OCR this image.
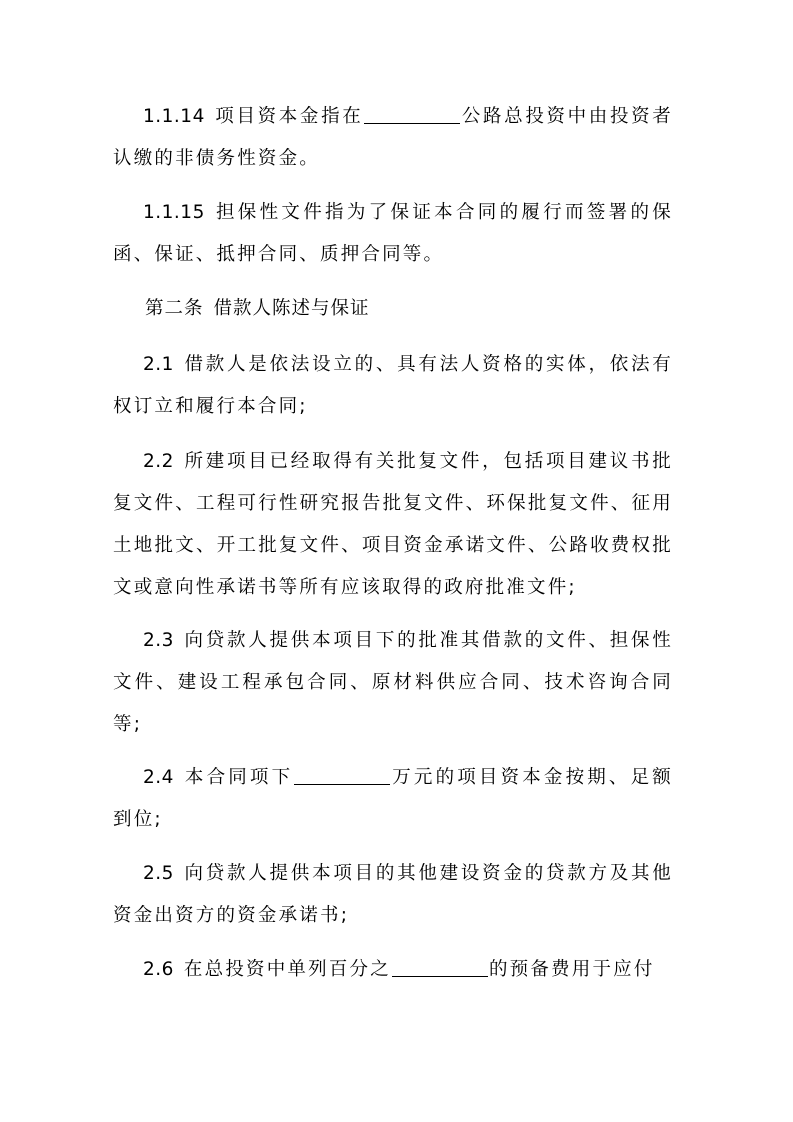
1.1.14 项目资本金指在	公路总投资中由投资者认缴的非债务性资金。

1.1.15 担保性文件指为了保证本合同的履行而签署的保函、保证、抵押合同、质押合同等。

第二条 借款人陈述与保证

2.1 借款人是依法设立的、具有法人资格的实体，依法有权订立和履行本合同;

2.2 所建项目已经取得有关批复文件，包括项目建议书批复文件、工程可行性研究报告批复文件、环保批复文件、征用土地批文、开工批复文件、项目资金承诺文件、公路收费权批文或意向性承诺书等所有应该取得的政府批准文件;

2.3 向贷款人提供本项目下的批准其借款的文件、担保性文件、建设工程承包合同、原材料供应合同、技术咨询合同等;

2.4 本合同项下	万元的项目资本金按期、足额到位;

2.5 向贷款人提供本项目的其他建设资金的贷款方及其他资金出资方的资金承诺书;

2.6 在总投资中单列百分之	的预备费用于应付
